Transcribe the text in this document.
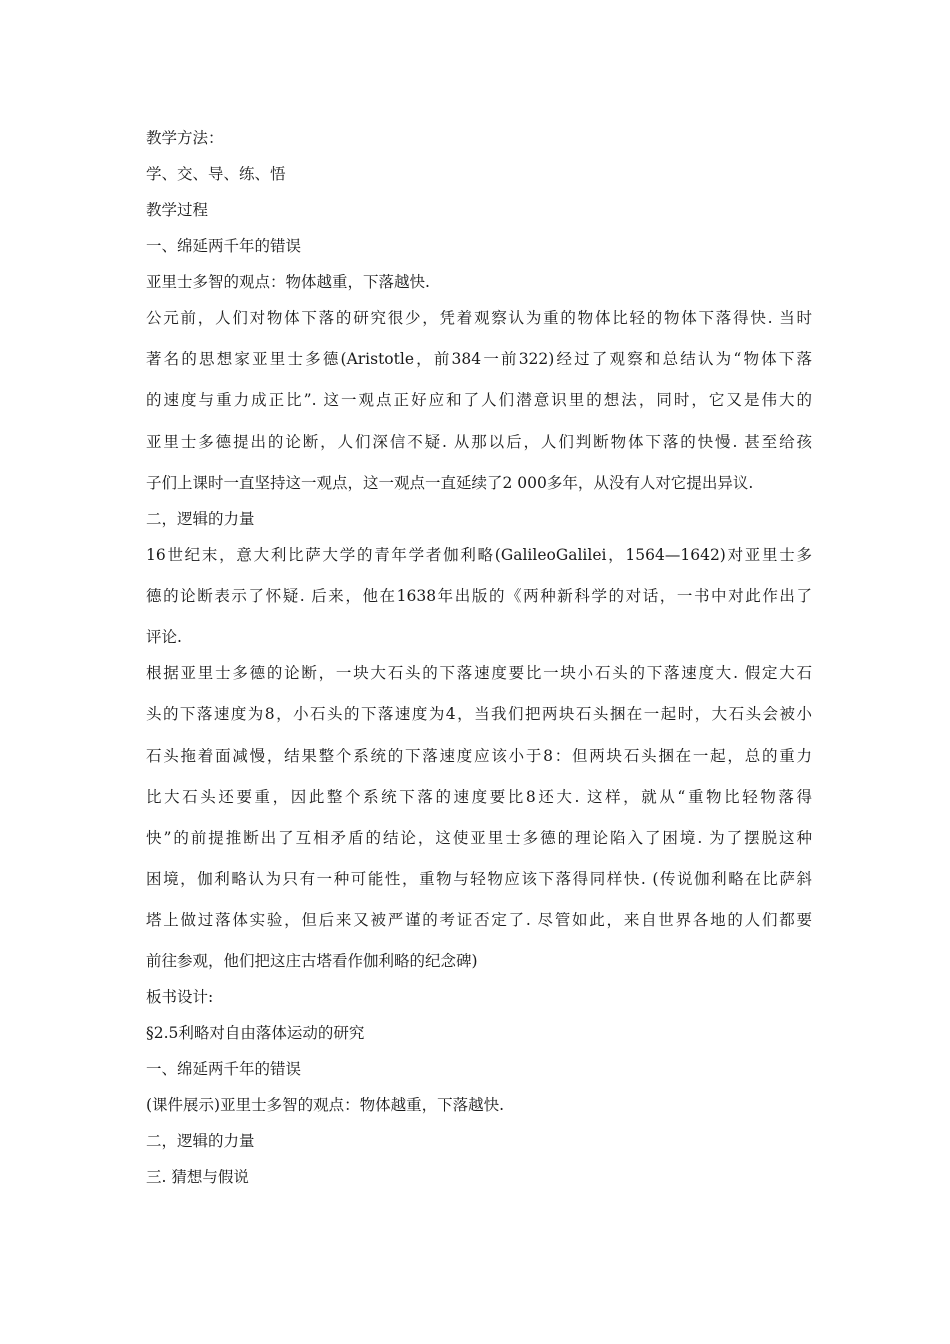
教学方法：
学、交、导、练、悟
教学过程
一、绵延两千年的错误
亚里士多智的观点：物体越重，下落越快.
公元前，人们对物体下落的研究很少，凭着观察认为重的物体比轻的物体下落得快. 当时
著名的思想家亚里士多德(Aristotle，前384一前322)经过了观察和总结认为“物体下落
的速度与重力成正比”. 这一观点正好应和了人们潜意识里的想法，同时，它又是伟大的
亚里士多德提出的论断，人们深信不疑. 从那以后，人们判断物体下落的快慢. 甚至给孩
子们上课时一直坚持这一观点，这一观点一直延续了2 000多年，从没有人对它提出异议.
二，逻辑的力量
16世纪末，意大利比萨大学的青年学者伽利略(GalileoGalilei，1564—1642)对亚里士多
德的论断表示了怀疑. 后来，他在1638年出版的《两种新科学的对话，一书中对此作出了
评论.
根据亚里士多德的论断，一块大石头的下落速度要比一块小石头的下落速度大. 假定大石
头的下落速度为8，小石头的下落速度为4，当我们把两块石头捆在一起时，大石头会被小
石头拖着面减慢，结果整个系统的下落速度应该小于8：但两块石头捆在一起，总的重力
比大石头还要重，因此整个系统下落的速度要比8还大. 这样，就从“重物比轻物落得
快”的前提推断出了互相矛盾的结论，这使亚里士多德的理论陷入了困境. 为了摆脱这种
困境，伽利略认为只有一种可能性，重物与轻物应该下落得同样快. (传说伽利略在比萨斜
塔上做过落体实验，但后来又被严谨的考证否定了. 尽管如此，来自世界各地的人们都要
前往参观，他们把这庄古塔看作伽利略的纪念碑)
板书设计:
§2.5利略对自由落体运动的研究
一、绵延两千年的错误
(课件展示)亚里士多智的观点：物体越重，下落越快.
二，逻辑的力量
三. 猜想与假说
